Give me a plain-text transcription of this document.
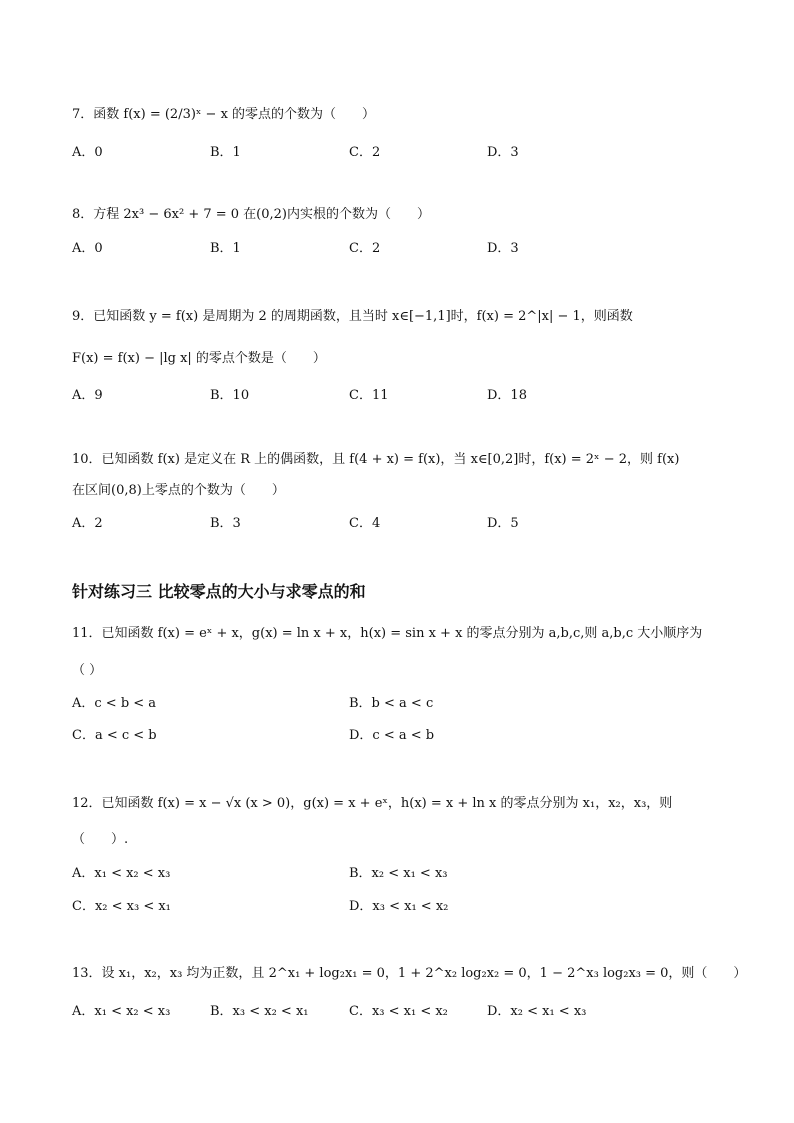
7．函数 f(x) = (2/3)ˣ − x 的零点的个数为（　　）
A．0	B．1	C．2	D．3
8．方程 2x³ − 6x² + 7 = 0 在(0,2)内实根的个数为（　　）
A．0	B．1	C．2	D．3
9．已知函数 y = f(x) 是周期为 2 的周期函数，且当时 x∈[−1,1]时，f(x) = 2^|x| − 1，则函数
F(x) = f(x) − |lg x| 的零点个数是（　　）
A．9	B．10	C．11	D．18
10．已知函数 f(x) 是定义在 R 上的偶函数，且 f(4 + x) = f(x)，当 x∈[0,2]时，f(x) = 2ˣ − 2，则 f(x)
在区间(0,8)上零点的个数为（　　）
A．2	B．3	C．4	D．5
针对练习三 比较零点的大小与求零点的和
11．已知函数 f(x) = eˣ + x，g(x) = ln x + x，h(x) = sin x + x 的零点分别为 a,b,c,则 a,b,c 大小顺序为
（ ）
A．c < b < a	B．b < a < c
C．a < c < b	D．c < a < b
12．已知函数 f(x) = x − √x (x > 0)，g(x) = x + eˣ，h(x) = x + ln x 的零点分别为 x₁，x₂，x₃，则
（　　）.
A．x₁ < x₂ < x₃	B．x₂ < x₁ < x₃
C．x₂ < x₃ < x₁	D．x₃ < x₁ < x₂
13．设 x₁，x₂，x₃ 均为正数，且 2^x₁ + log₂x₁ = 0，1 + 2^x₂ log₂x₂ = 0，1 − 2^x₃ log₂x₃ = 0，则（　　）
A．x₁ < x₂ < x₃	B．x₃ < x₂ < x₁	C．x₃ < x₁ < x₂	D．x₂ < x₁ < x₃
